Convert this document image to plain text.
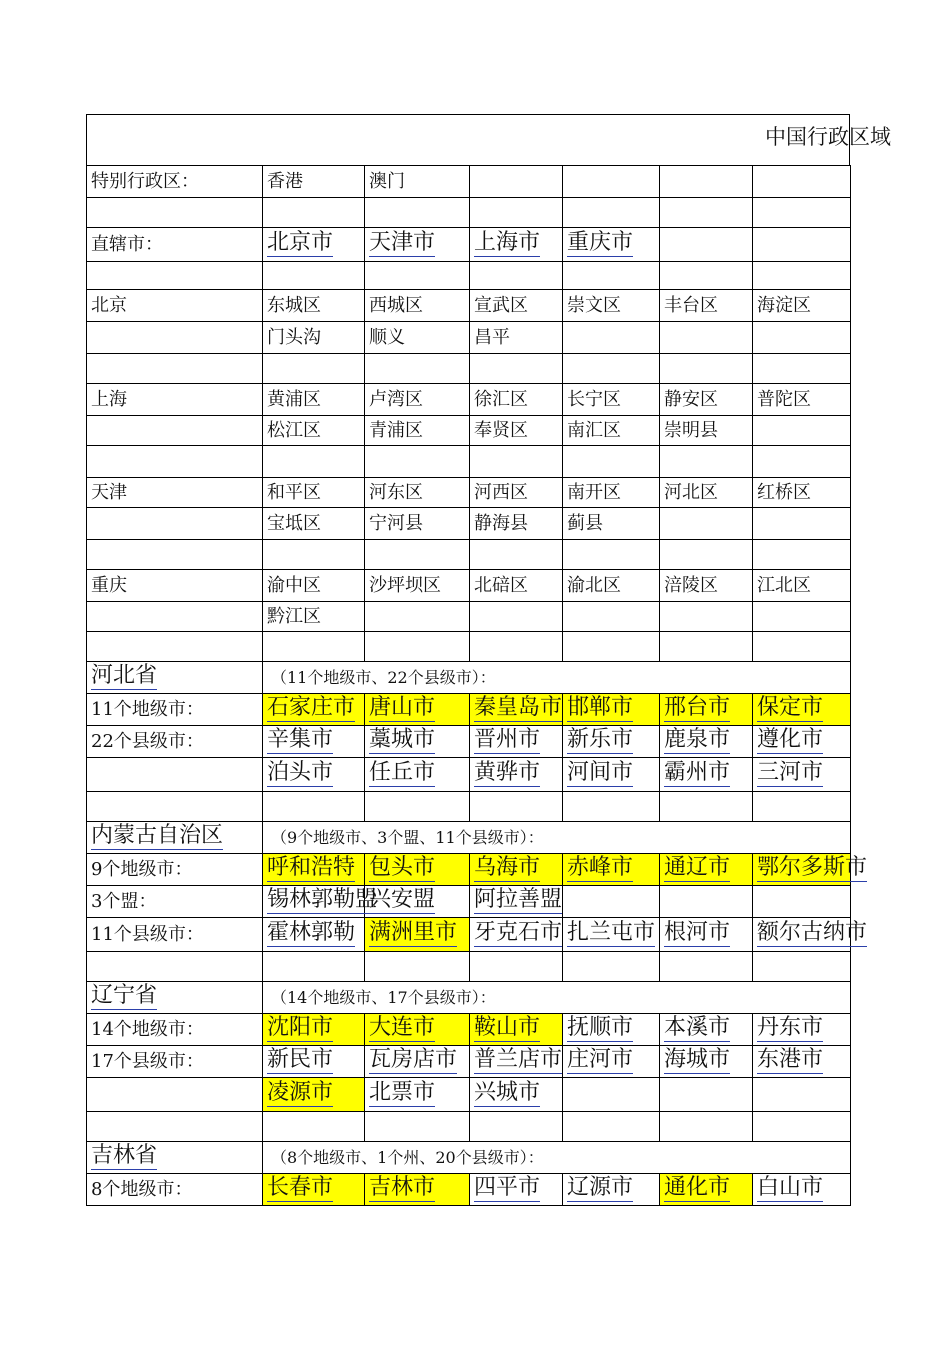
中国行政区域
特别行政区：	香港	澳门				

直辖市：	北京市	天津市	上海市	重庆市		

北京	东城区	西城区	宣武区	崇文区	丰台区	海淀区
	门头沟	顺义	昌平			

上海	黄浦区	卢湾区	徐汇区	长宁区	静安区	普陀区
	松江区	青浦区	奉贤区	南汇区	崇明县	

天津	和平区	河东区	河西区	南开区	河北区	红桥区
	宝坻区	宁河县	静海县	蓟县		

重庆	渝中区	沙坪坝区	北碚区	渝北区	涪陵区	江北区
	黔江区					

河北省	（11个地级市、22个县级市）：					
11个地级市：	石家庄市	唐山市	秦皇岛市	邯郸市	邢台市	保定市
22个县级市：	辛集市	藁城市	晋州市	新乐市	鹿泉市	遵化市
	泊头市	任丘市	黄骅市	河间市	霸州市	三河市

内蒙古自治区	（9个地级市、3个盟、11个县级市）：					
9个地级市：	呼和浩特	包头市	乌海市	赤峰市	通辽市	鄂尔多斯市
3个盟：	锡林郭勒盟	兴安盟	阿拉善盟			
11个县级市：	霍林郭勒	满洲里市	牙克石市	扎兰屯市	根河市	额尔古纳市

辽宁省	（14个地级市、17个县级市）：					
14个地级市：	沈阳市	大连市	鞍山市	抚顺市	本溪市	丹东市
17个县级市：	新民市	瓦房店市	普兰店市	庄河市	海城市	东港市
	凌源市	北票市	兴城市			

吉林省	（8个地级市、1个州、20个县级市）：					
8个地级市：	长春市	吉林市	四平市	辽源市	通化市	白山市
